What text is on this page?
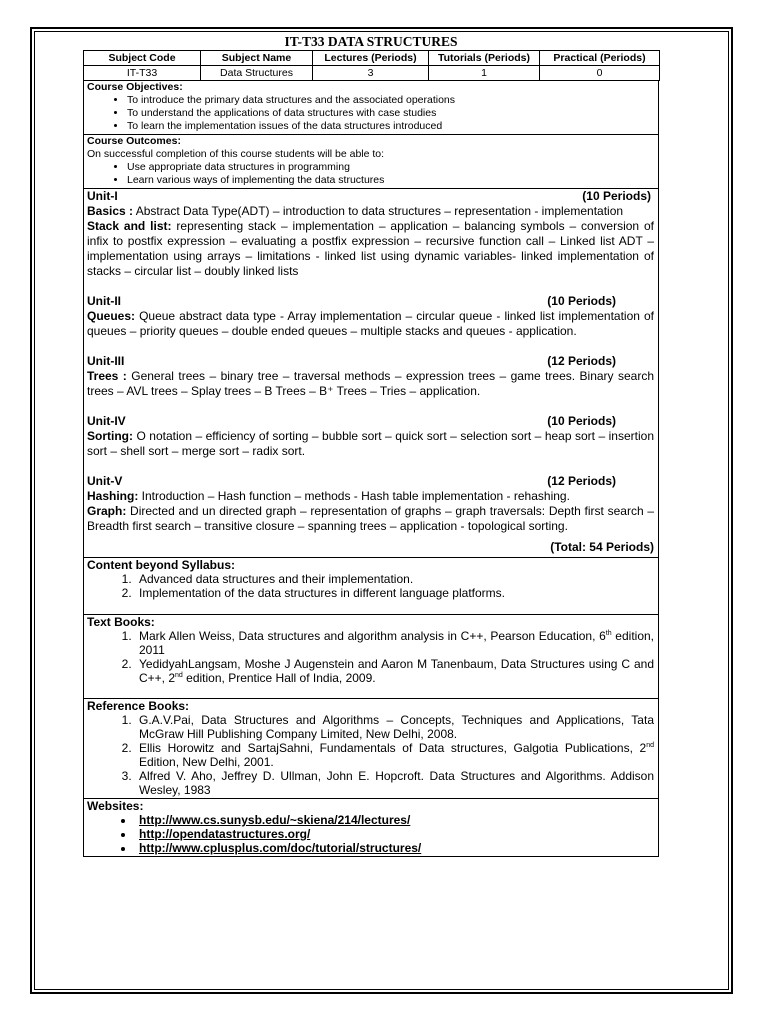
IT-T33 DATA STRUCTURES
Subject Code	Subject Name	Lectures (Periods)	Tutorials (Periods)	Practical (Periods)
IT-T33	Data Structures	3	1	0
Course Objectives:
• To introduce the primary data structures and the associated operations
• To understand the applications of data structures with case studies
• To learn the implementation issues of the data structures introduced
Course Outcomes:
On successful completion of this course students will be able to:
• Use appropriate data structures in programming
• Learn various ways of implementing the data structures
Unit-I	(10 Periods)
Basics : Abstract Data Type(ADT) – introduction to data structures – representation - implementation
Stack and list: representing stack – implementation – application – balancing symbols – conversion of infix to postfix expression – evaluating a postfix expression – recursive function call – Linked list ADT – implementation using arrays – limitations - linked list using dynamic variables- linked implementation of stacks – circular list – doubly linked lists
Unit-II	(10 Periods)
Queues: Queue abstract data type - Array implementation – circular queue - linked list implementation of queues – priority queues – double ended queues – multiple stacks and queues - application.
Unit-III	(12 Periods)
Trees : General trees – binary tree – traversal methods – expression trees – game trees. Binary search trees – AVL trees – Splay trees – B Trees – B⁺ Trees – Tries – application.
Unit-IV	(10 Periods)
Sorting: O notation – efficiency of sorting – bubble sort – quick sort – selection sort – heap sort – insertion sort – shell sort – merge sort – radix sort.
Unit-V	(12 Periods)
Hashing: Introduction – Hash function – methods - Hash table implementation - rehashing.
Graph: Directed and un directed graph – representation of graphs – graph traversals: Depth first search – Breadth first search – transitive closure – spanning trees – application - topological sorting.
(Total: 54 Periods)
Content beyond Syllabus:
1. Advanced data structures and their implementation.
2. Implementation of the data structures in different language platforms.
Text Books:
1. Mark Allen Weiss, Data structures and algorithm analysis in C++, Pearson Education, 6th edition, 2011
2. YedidyahLangsam, Moshe J Augenstein and Aaron M Tanenbaum, Data Structures using C and C++, 2nd edition, Prentice Hall of India, 2009.
Reference Books:
1. G.A.V.Pai, Data Structures and Algorithms – Concepts, Techniques and Applications, Tata McGraw Hill Publishing Company Limited, New Delhi, 2008.
2. Ellis Horowitz and SartajSahni, Fundamentals of Data structures, Galgotia Publications, 2nd Edition, New Delhi, 2001.
3. Alfred V. Aho, Jeffrey D. Ullman, John E. Hopcroft. Data Structures and Algorithms. Addison Wesley, 1983
Websites:
• http://www.cs.sunysb.edu/~skiena/214/lectures/
• http://opendatastructures.org/
• http://www.cplusplus.com/doc/tutorial/structures/
